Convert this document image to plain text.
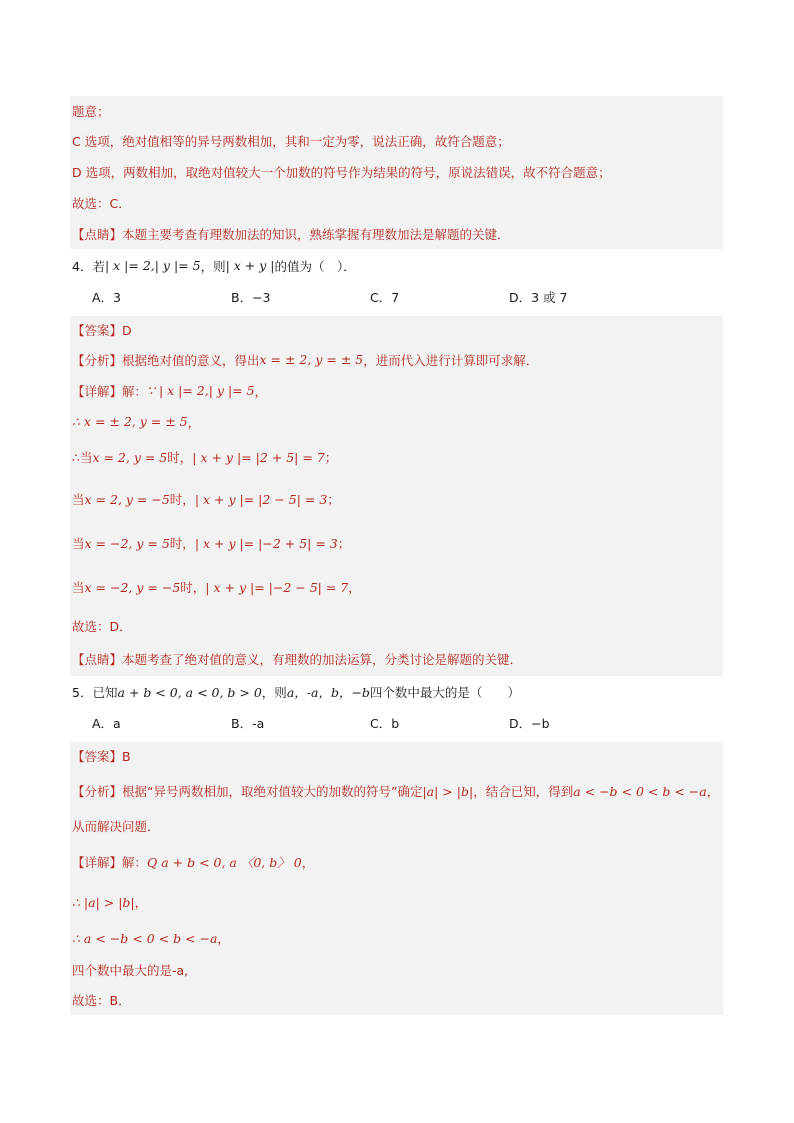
题意；
C 选项，绝对值相等的异号两数相加，其和一定为零，说法正确，故符合题意；
D 选项，两数相加，取绝对值较大一个加数的符号作为结果的符号，原说法错误，故不符合题意；
故选：C．
【点睛】本题主要考查有理数加法的知识，熟练掌握有理数加法是解题的关键．
4．若 | x |= 2,| y |= 5 ，则 | x + y | 的值为（　）．
A．3	B．−3	C．7	D．3 或 7
【答案】D
【分析】根据绝对值的意义，得出 x = ± 2, y = ± 5 ，进而代入进行计算即可求解．
【详解】解： ∵ | x |= 2,| y |= 5 ，
∴ x = ± 2, y = ± 5 ，
∴当 x = 2, y = 5 时， | x + y |= |2 + 5| = 7 ；
当 x = 2, y = −5 时， | x + y |= |2 − 5| = 3 ；
当 x = −2, y = 5 时， | x + y |= |−2 + 5| = 3 ；
当 x = −2, y = −5 时， | x + y |= |−2 − 5| = 7 ，
故选：D．
【点睛】本题考查了绝对值的意义，有理数的加法运算，分类讨论是解题的关键．
5．已知 a + b < 0, a < 0, b > 0 ，则 a，-a，b，−b 四个数中最大的是（　　）
A．a	B．-a	C．b	D．−b
【答案】B
【分析】根据“异号两数相加，取绝对值较大的加数的符号”确定 |a| > |b| ，结合已知，得到 a < −b < 0 < b < −a ，
从而解决问题．
【详解】解： Q a + b < 0, a 〈0, b〉 0 ，
∴ |a| > |b| ，
∴ a < −b < 0 < b < −a ，
四个数中最大的是-a,
故选：B．
